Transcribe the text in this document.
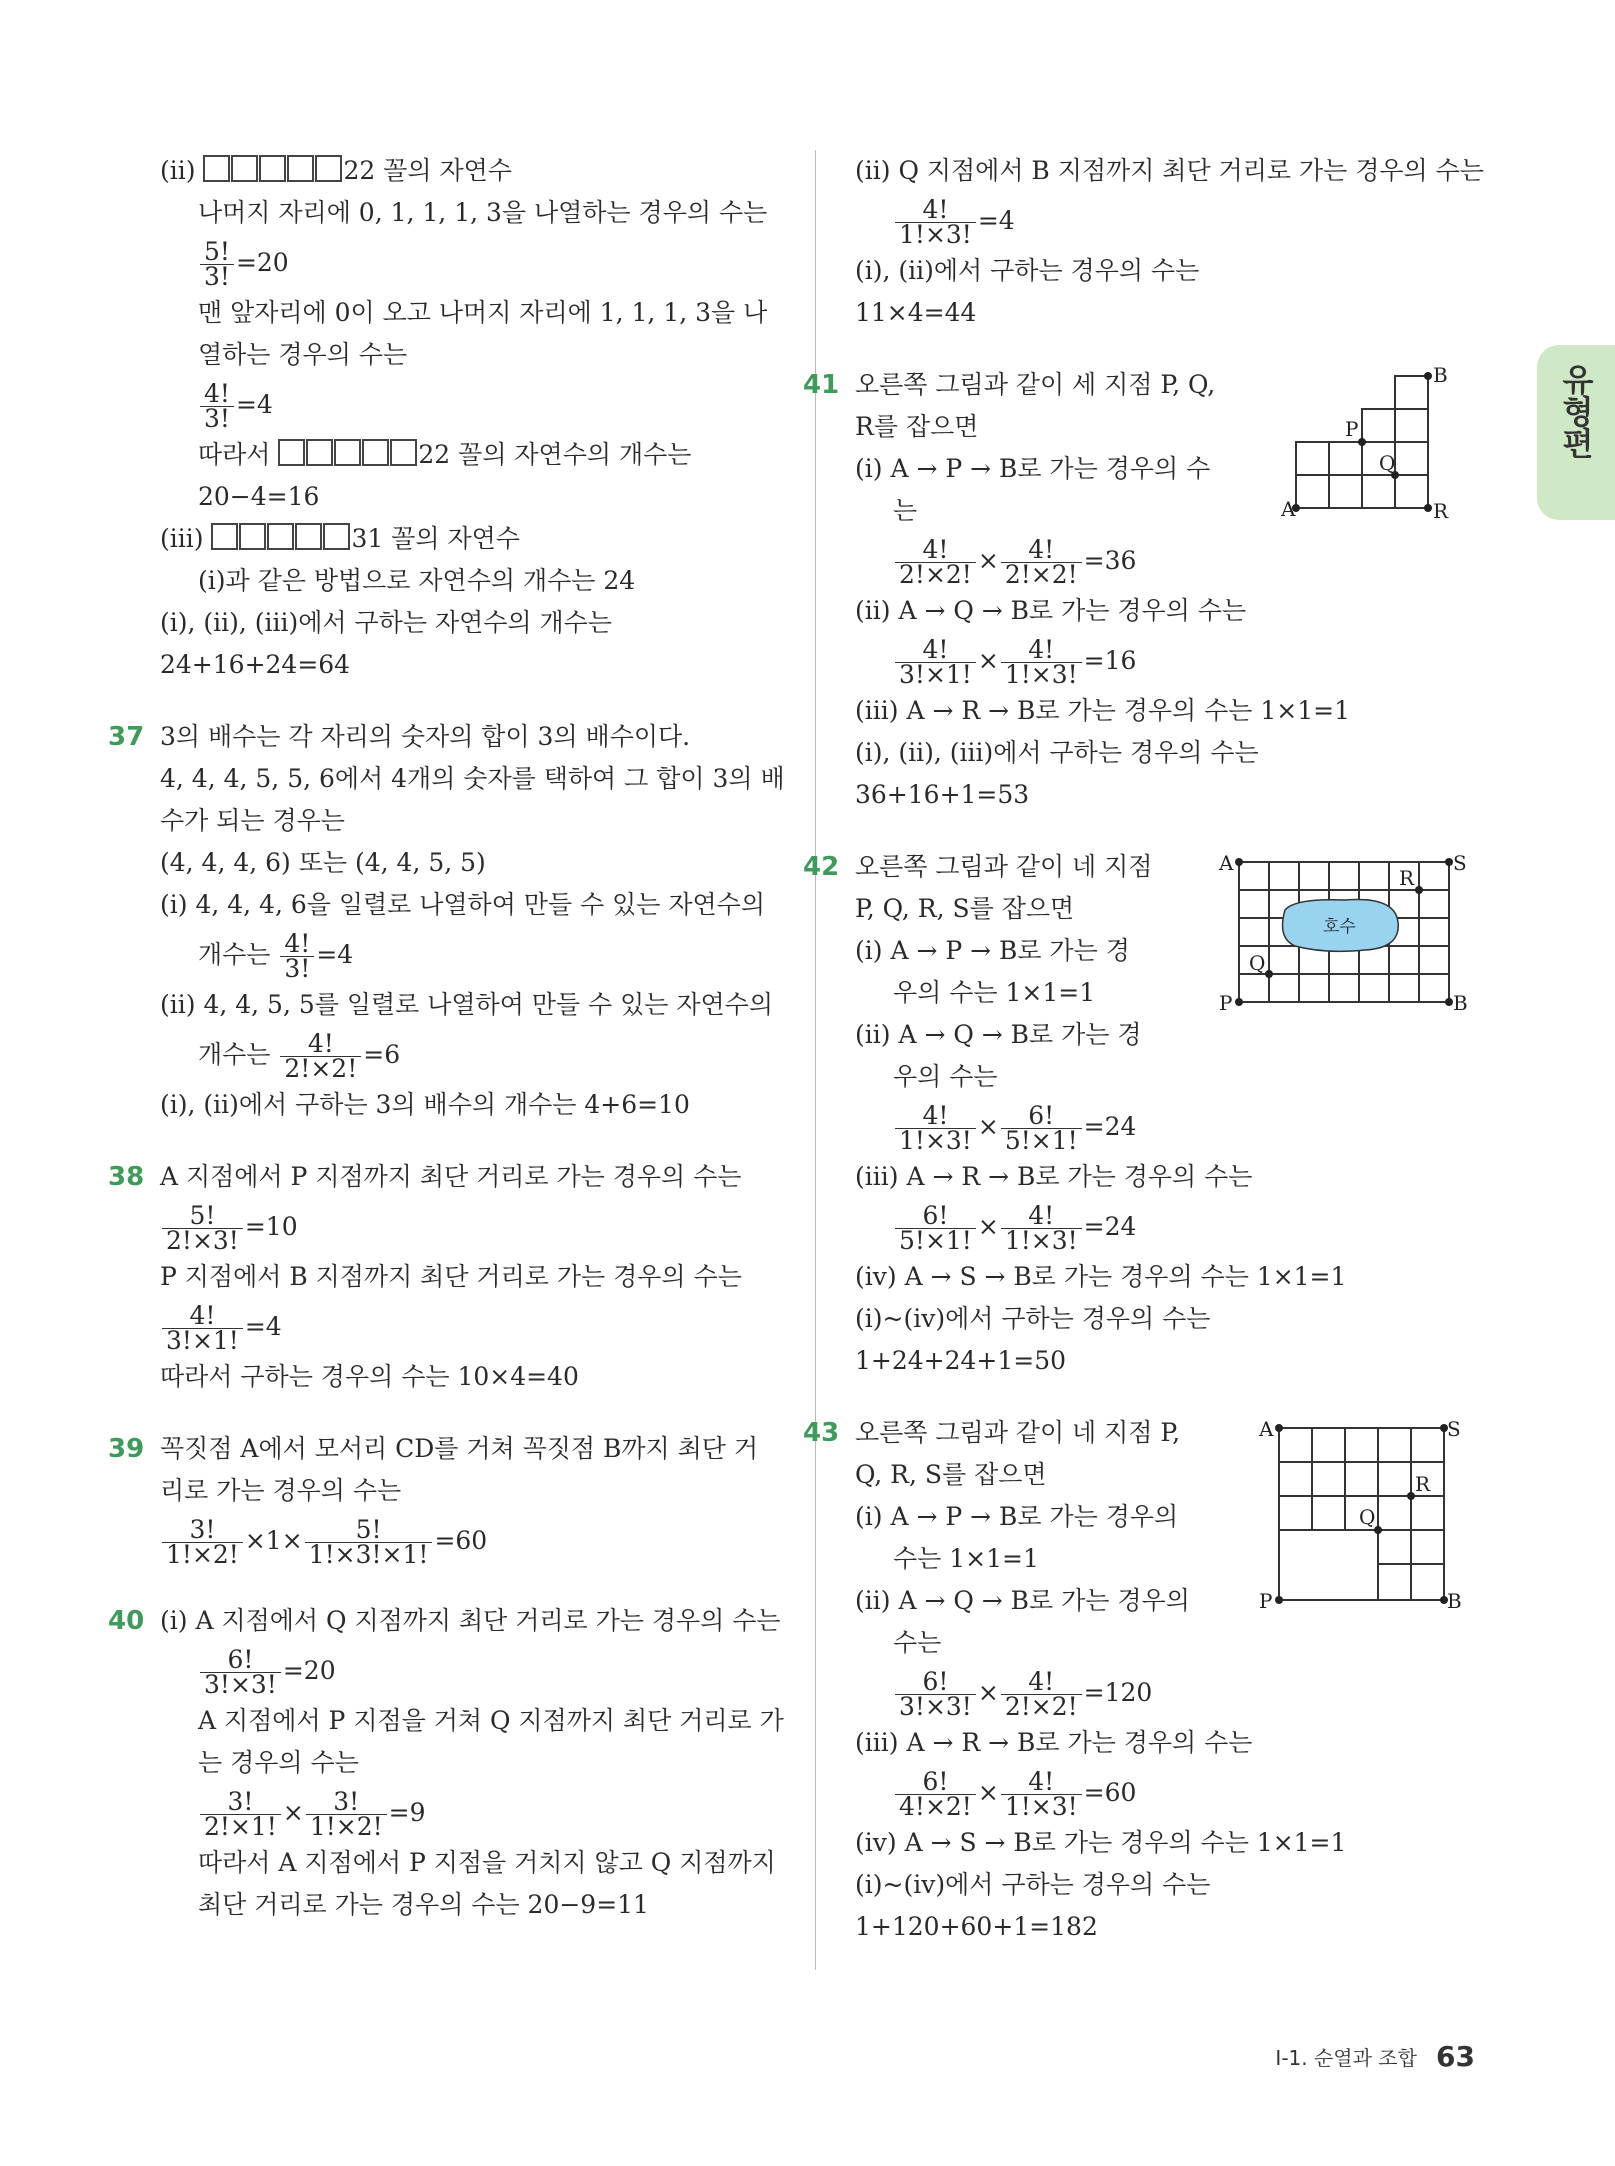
(ⅱ)	22 꼴의 자연수
나머지 자리에 0, 1, 1, 1, 3을 나열하는 경우의 수는
$\frac{5!}{3!} =20$
맨 앞자리에 0이 오고 나머지 자리에 1, 1, 1, 3을 나
열하는 경우의 수는
$\frac{4!}{3!} =4$
따라서	22 꼴의 자연수의 개수는
20−4=16
(ⅲ)	31 꼴의 자연수
(ⅰ)과 같은 방법으로 자연수의 개수는 24
(ⅰ), (ⅱ), (ⅲ)에서 구하는 자연수의 개수는
24+16+24=64
37 3의 배수는 각 자리의 숫자의 합이 3의 배수이다.
4, 4, 4, 5, 5, 6에서 4개의 숫자를 택하여 그 합이 3의 배
수가 되는 경우는
(4, 4, 4, 6) 또는 (4, 4, 5, 5)
(ⅰ) 4, 4, 4, 6을 일렬로 나열하여 만들 수 있는 자연수의
개수는 $\frac{4!}{3!} =4$
(ⅱ) 4, 4, 5, 5를 일렬로 나열하여 만들 수 있는 자연수의
개수는 $\frac{4!}{2!\times 2!} =6$
(ⅰ), (ⅱ)에서 구하는 3의 배수의 개수는 4+6=10
38 A 지점에서 P 지점까지 최단 거리로 가는 경우의 수는
$\frac{5!}{2!\times 3!} =10$
P 지점에서 B 지점까지 최단 거리로 가는 경우의 수는
$\frac{4!}{3!\times 1!} =4$
따라서 구하는 경우의 수는 10×4=40
39 꼭짓점 A에서 모서리 CD를 거쳐 꼭짓점 B까지 최단 거
리로 가는 경우의 수는
$\frac{3!}{1!\times 2!} \times 1\times \frac{5!}{1!\times 3!\times 1!} =60$
40 (ⅰ) A 지점에서 Q 지점까지 최단 거리로 가는 경우의 수는
$\frac{6!}{3!\times 3!} =20$
A 지점에서 P 지점을 거쳐 Q 지점까지 최단 거리로 가
는 경우의 수는
$\frac{3!}{2!\times 1!} \times \frac{3!}{1!\times 2!} =9$
따라서 A 지점에서 P 지점을 거치지 않고 Q 지점까지
최단 거리로 가는 경우의 수는 20−9=11
(ⅱ) Q 지점에서 B 지점까지 최단 거리로 가는 경우의 수는
$\frac{4!}{1!\times 3!} =4$
(ⅰ), (ⅱ)에서 구하는 경우의 수는
11×4=44
41 오른쪽 그림과 같이 세 지점 P, Q,
R를 잡으면
(ⅰ) A → P → B로 가는 경우의 수
는
$\frac{4!}{2!\times 2!} \times \frac{4!}{2!\times 2!} =36$
(ⅱ) A → Q → B로 가는 경우의 수는
$\frac{4!}{3!\times 1!} \times \frac{4!}{1!\times 3!} =16$
(ⅲ) A → R → B로 가는 경우의 수는 1×1=1
(ⅰ), (ⅱ), (ⅲ)에서 구하는 경우의 수는
36+16+1=53
A
B
P
Q
R
42 오른쪽 그림과 같이 네 지점
P, Q, R, S를 잡으면
(ⅰ) A → P → B로 가는 경
우의 수는 1×1=1
(ⅱ) A → Q → B로 가는 경
우의 수는
$\frac{4!}{1!\times 3!} \times \frac{6!}{5!\times 1!} =24$
(ⅲ) A → R → B로 가는 경우의 수는
$\frac{6!}{5!\times 1!} \times \frac{4!}{1!\times 3!} =24$
(ⅳ) A → S → B로 가는 경우의 수는 1×1=1
(ⅰ)~(ⅳ)에서 구하는 경우의 수는
1+24+24+1=50
호수
A	S
P	B
Q
R
43 오른쪽 그림과 같이 네 지점 P,
Q, R, S를 잡으면
(ⅰ) A → P → B로 가는 경우의
수는 1×1=1
(ⅱ) A → Q → B로 가는 경우의
수는
$\frac{6!}{3!\times 3!} \times \frac{4!}{2!\times 2!} =120$
(ⅲ) A → R → B로 가는 경우의 수는
$\frac{6!}{4!\times 2!} \times \frac{4!}{1!\times 3!} =60$
(ⅳ) A → S → B로 가는 경우의 수는 1×1=1
(ⅰ)~(ⅳ)에서 구하는 경우의 수는
1+120+60+1=182
A	S
P	B
Q
R
유형편
Ⅰ-1. 순열과 조합 63
